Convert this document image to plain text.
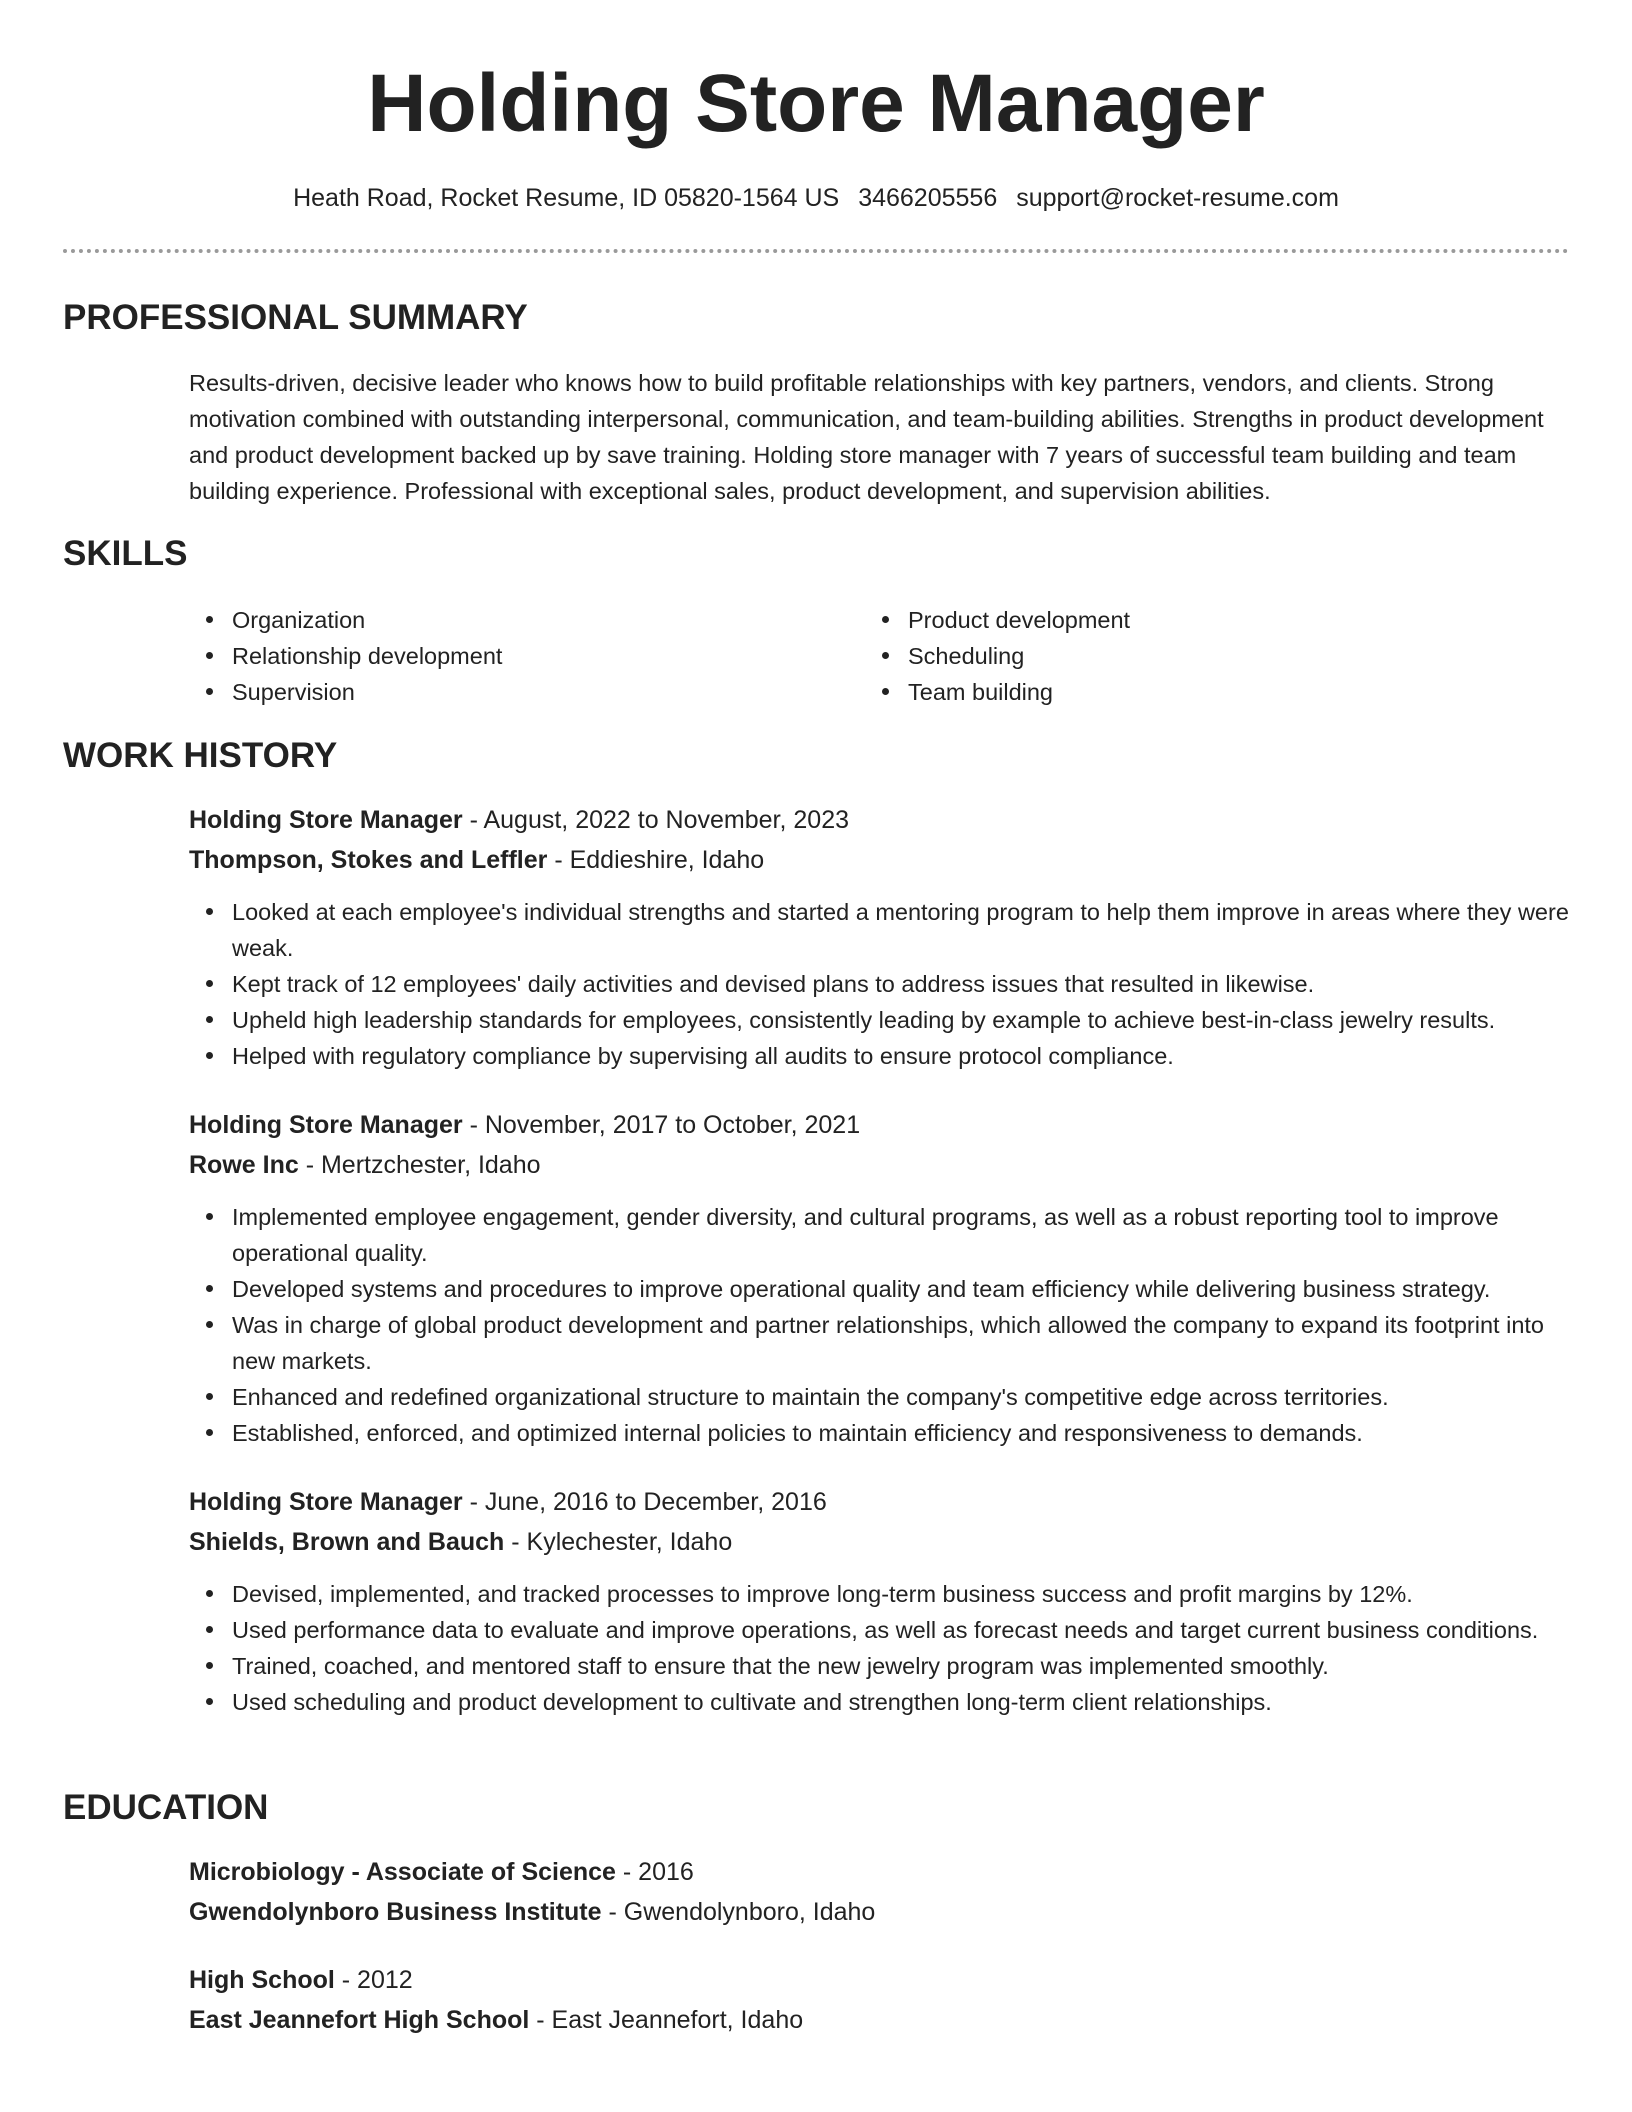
Holding Store Manager
Heath Road, Rocket Resume, ID 05820-1564 US 3466205556 support@rocket-resume.com
PROFESSIONAL SUMMARY

Results-driven, decisive leader who knows how to build profitable relationships with key partners, vendors, and clients. Strong motivation combined with outstanding interpersonal, communication, and team-building abilities. Strengths in product development and product development backed up by save training. Holding store manager with 7 years of successful team building and team building experience. Professional with exceptional sales, product development, and supervision abilities.

SKILLS
Organization
Relationship development
Supervision
Product development
Scheduling
Team building
WORK HISTORY
Holding Store Manager - August, 2022 to November, 2023
Thompson, Stokes and Leffler - Eddieshire, Idaho
Looked at each employee's individual strengths and started a mentoring program to help them improve in areas where they were weak.
Kept track of 12 employees' daily activities and devised plans to address issues that resulted in likewise.
Upheld high leadership standards for employees, consistently leading by example to achieve best-in-class jewelry results.
Helped with regulatory compliance by supervising all audits to ensure protocol compliance.
Holding Store Manager - November, 2017 to October, 2021
Rowe Inc - Mertzchester, Idaho
Implemented employee engagement, gender diversity, and cultural programs, as well as a robust reporting tool to improve operational quality.
Developed systems and procedures to improve operational quality and team efficiency while delivering business strategy.
Was in charge of global product development and partner relationships, which allowed the company to expand its footprint into new markets.
Enhanced and redefined organizational structure to maintain the company's competitive edge across territories.
Established, enforced, and optimized internal policies to maintain efficiency and responsiveness to demands.
Holding Store Manager - June, 2016 to December, 2016
Shields, Brown and Bauch - Kylechester, Idaho
Devised, implemented, and tracked processes to improve long-term business success and profit margins by 12%.
Used performance data to evaluate and improve operations, as well as forecast needs and target current business conditions.
Trained, coached, and mentored staff to ensure that the new jewelry program was implemented smoothly.
Used scheduling and product development to cultivate and strengthen long-term client relationships.
EDUCATION
Microbiology - Associate of Science - 2016
Gwendolynboro Business Institute - Gwendolynboro, Idaho
High School - 2012
East Jeannefort High School - East Jeannefort, Idaho
